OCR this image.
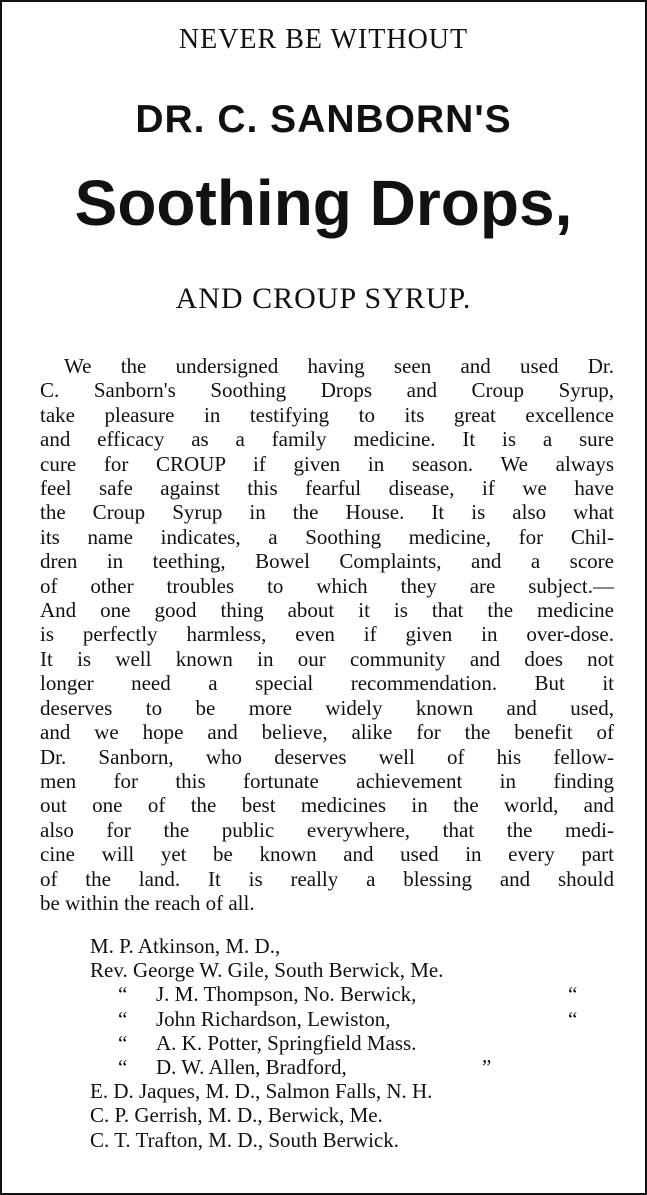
NEVER BE WITHOUT
DR. C. SANBORN'S
Soothing Drops,
AND CROUP SYRUP.
We the undersigned having seen and used Dr.
C. Sanborn's Soothing Drops and Croup Syrup,
take pleasure in testifying to its great excellence
and efficacy as a family medicine. It is a sure
cure for CROUP if given in season. We always
feel safe against this fearful disease, if we have
the Croup Syrup in the House. It is also what
its name indicates, a Soothing medicine, for Chil-
dren in teething, Bowel Complaints, and a score
of other troubles to which they are subject.—
And one good thing about it is that the medicine
is perfectly harmless, even if given in over-dose.
It is well known in our community and does not
longer need a special recommendation. But it
deserves to be more widely known and used,
and we hope and believe, alike for the benefit of
Dr. Sanborn, who deserves well of his fellow-
men for this fortunate achievement in finding
out one of the best medicines in the world, and
also for the public everywhere, that the medi-
cine will yet be known and used in every part
of the land. It is really a blessing and should
be within the reach of all.
M. P. Atkinson, M. D.,
Rev. George W. Gile, South Berwick, Me.
“ J. M. Thompson, No. Berwick,	“
“ John Richardson, Lewiston,	“
“ A. K. Potter, Springfield Mass.
“ D. W. Allen, Bradford,	”
E. D. Jaques, M. D., Salmon Falls, N. H.
C. P. Gerrish, M. D., Berwick, Me.
C. T. Trafton, M. D., South Berwick.
